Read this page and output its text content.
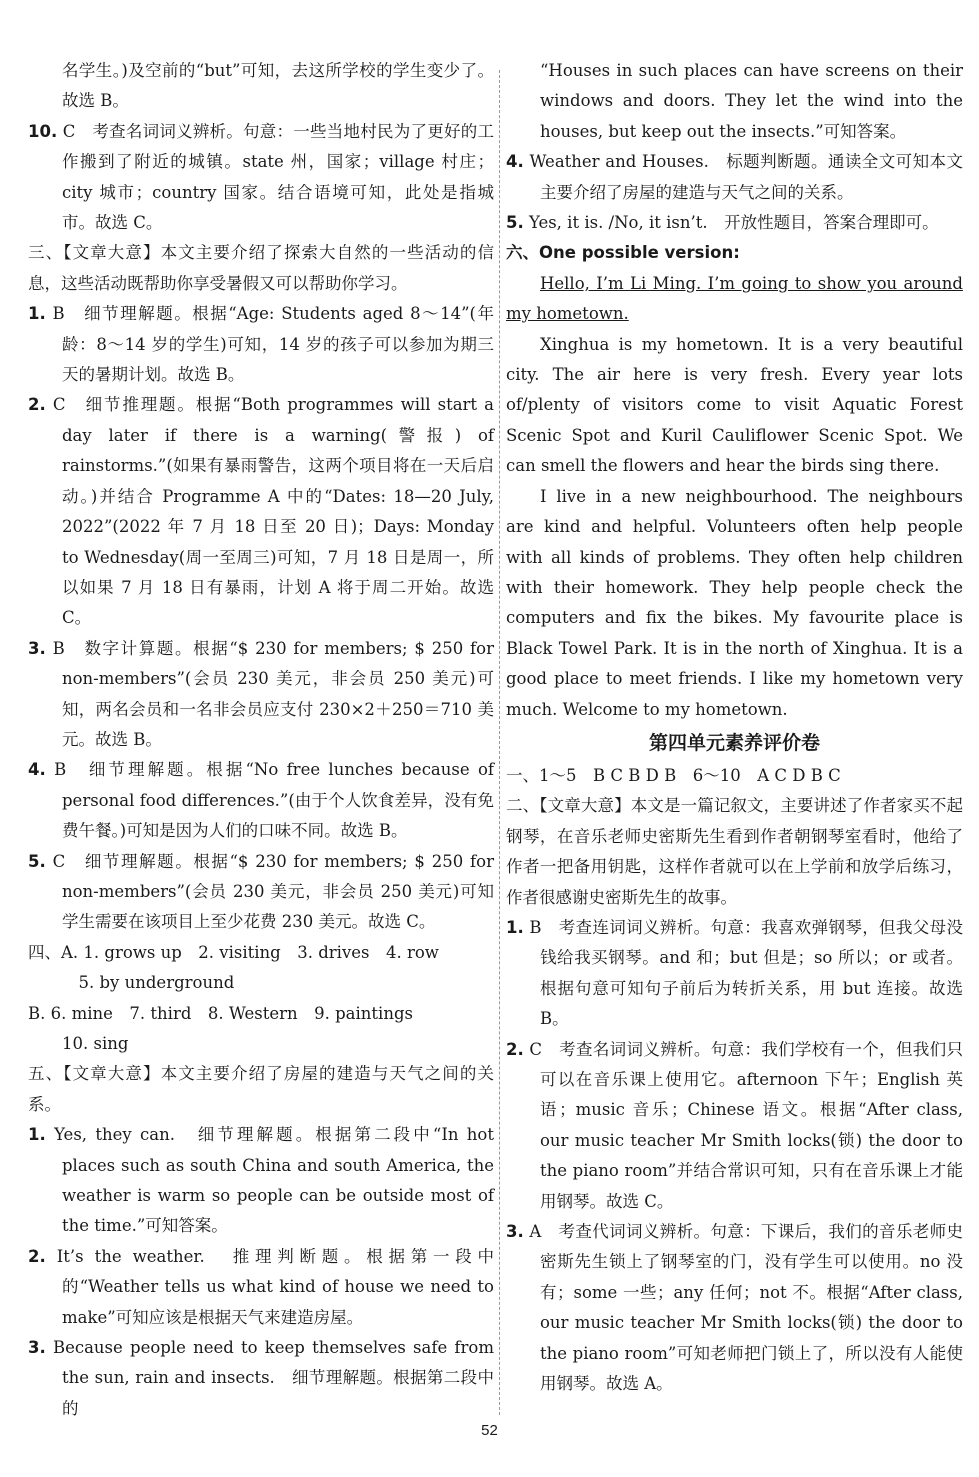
名学生。)及空前的“but”可知，去这所学校的学生变少了。故选 B。

10. C　考查名词词义辨析。句意：一些当地村民为了更好的工作搬到了附近的城镇。state 州，国家；village 村庄；city 城市；country 国家。结合语境可知，此处是指城市。故选 C。

三、【文章大意】本文主要介绍了探索大自然的一些活动的信息，这些活动既帮助你享受暑假又可以帮助你学习。

1. B　细节理解题。根据“Age: Students aged 8～14”(年龄：8～14 岁的学生)可知，14 岁的孩子可以参加为期三天的暑期计划。故选 B。

2. C　细节推理题。根据“Both programmes will start a day later if there is a warning(警报) of rainstorms.”(如果有暴雨警告，这两个项目将在一天后启动。)并结合 Programme A 中的“Dates: 18—20 July, 2022”(2022 年 7 月 18 日至 20 日)；Days: Monday to Wednesday(周一至周三)可知，7 月 18 日是周一，所以如果 7 月 18 日有暴雨，计划 A 将于周二开始。故选 C。

3. B　数字计算题。根据“$ 230 for members; $ 250 for non-members”(会员 230 美元，非会员 250 美元)可知，两名会员和一名非会员应支付 230×2＋250＝710 美元。故选 B。

4. B　细节理解题。根据“No free lunches because of personal food differences.”(由于个人饮食差异，没有免费午餐。)可知是因为人们的口味不同。故选 B。

5. C　细节理解题。根据“$ 230 for members; $ 250 for non-members”(会员 230 美元，非会员 250 美元)可知学生需要在该项目上至少花费 230 美元。故选 C。

四、A. 1. grows up　2. visiting　3. drives　4. row

　5. by underground

B. 6. mine　7. third　8. Western　9. paintings

10. sing

五、【文章大意】本文主要介绍了房屋的建造与天气之间的关系。

1. Yes, they can.　细节理解题。根据第二段中“In hot places such as south China and south America, the weather is warm so people can be outside most of the time.”可知答案。

2. It’s the weather.　推理判断题。根据第一段中的“Weather tells us what kind of house we need to make”可知应该是根据天气来建造房屋。

3. Because people need to keep themselves safe from the sun, rain and insects.　细节理解题。根据第二段中的

“Houses in such places can have screens on their windows and doors. They let the wind into the houses, but keep out the insects.”可知答案。

4. Weather and Houses.　标题判断题。通读全文可知本文主要介绍了房屋的建造与天气之间的关系。

5. Yes, it is. /No, it isn’t.　开放性题目，答案合理即可。

六、One possible version:

Hello, I’m Li Ming. I’m going to show you around my hometown.

Xinghua is my hometown. It is a very beautiful city. The air here is very fresh. Every year lots of/plenty of visitors come to visit Aquatic Forest Scenic Spot and Kuril Cauliflower Scenic Spot. We can smell the flowers and hear the birds sing there.

I live in a new neighbourhood. The neighbours are kind and helpful. Volunteers often help people with all kinds of problems. They often help children with their homework. They help people check the computers and fix the bikes. My favourite place is Black Towel Park. It is in the north of Xinghua. It is a good place to meet friends. I like my hometown very much. Welcome to my hometown.

第四单元素养评价卷

一、1～5　B C B D B　6～10　A C D B C

二、【文章大意】本文是一篇记叙文，主要讲述了作者家买不起钢琴，在音乐老师史密斯先生看到作者朝钢琴室看时，他给了作者一把备用钥匙，这样作者就可以在上学前和放学后练习，作者很感谢史密斯先生的故事。

1. B　考查连词词义辨析。句意：我喜欢弹钢琴，但我父母没钱给我买钢琴。and 和；but 但是；so 所以；or 或者。根据句意可知句子前后为转折关系，用 but 连接。故选 B。

2. C　考查名词词义辨析。句意：我们学校有一个，但我们只可以在音乐课上使用它。afternoon 下午；English 英语；music 音乐；Chinese 语文。根据“After class, our music teacher Mr Smith locks(锁) the door to the piano room”并结合常识可知，只有在音乐课上才能用钢琴。故选 C。

3. A　考查代词词义辨析。句意：下课后，我们的音乐老师史密斯先生锁上了钢琴室的门，没有学生可以使用。no 没有；some 一些；any 任何；not 不。根据“After class, our music teacher Mr Smith locks(锁) the door to the piano room”可知老师把门锁上了，所以没有人能使用钢琴。故选 A。

52
